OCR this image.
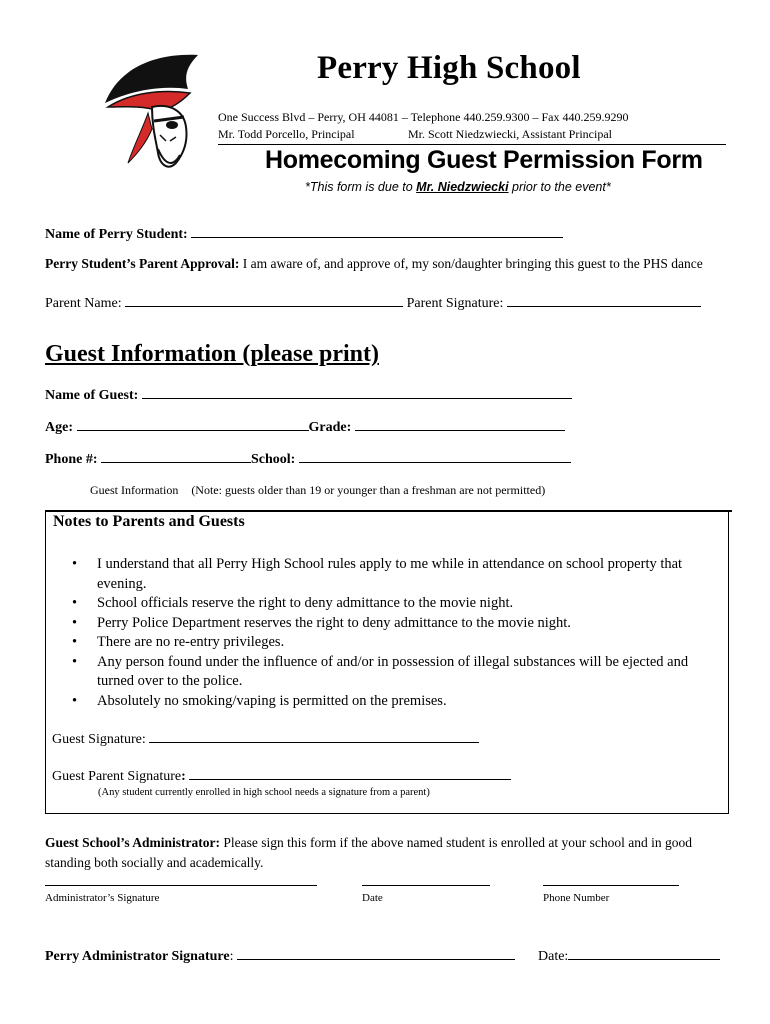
Perry High School
One Success Blvd – Perry, OH 44081 – Telephone 440.259.9300 – Fax 440.259.9290
Mr. Todd Porcello, Principal	Mr. Scott Niedzwiecki, Assistant Principal
Homecoming Guest Permission Form
*This form is due to Mr. Niedzwiecki prior to the event*
Name of Perry Student:
Perry Student’s Parent Approval: I am aware of, and approve of, my son/daughter bringing this guest to the PHS dance
Parent Name:	Parent Signature:
Guest Information (please print)
Name of Guest:
Age:	Grade:
Phone #:	School:
Guest Information (Note: guests older than 19 or younger than a freshman are not permitted)
Notes to Parents and Guests
• I understand that all Perry High School rules apply to me while in attendance on school property that evening.
• School officials reserve the right to deny admittance to the movie night.
• Perry Police Department reserves the right to deny admittance to the movie night.
• There are no re-entry privileges.
• Any person found under the influence of and/or in possession of illegal substances will be ejected and turned over to the police.
• Absolutely no smoking/vaping is permitted on the premises.
Guest Signature:
Guest Parent Signature:
(Any student currently enrolled in high school needs a signature from a parent)
Guest School’s Administrator: Please sign this form if the above named student is enrolled at your school and in good standing both socially and academically.
Administrator’s Signature	Date	Phone Number
Perry Administrator Signature:	Date:
